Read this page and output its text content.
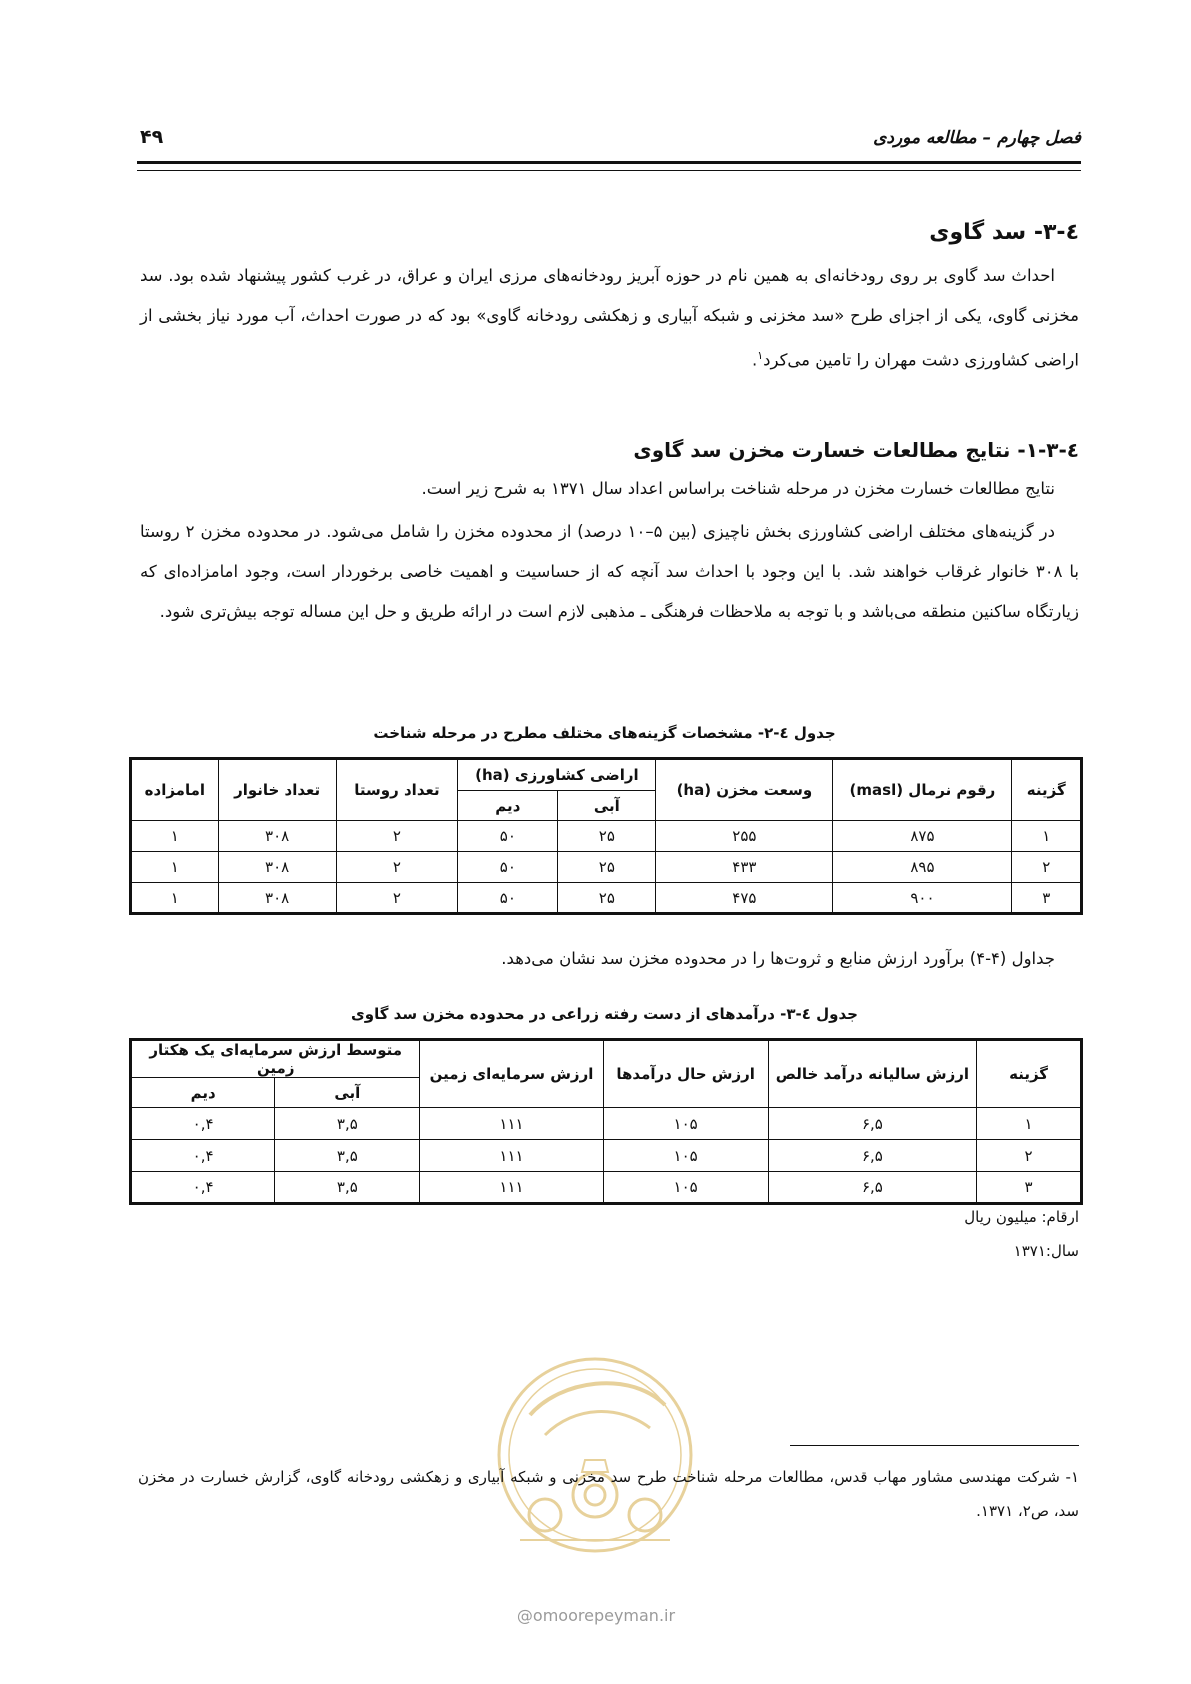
فصل چهارم – مطالعه موردی
۴۹
٤-٣- سد گاوی
احداث سد گاوی بر روی رودخانه‌ای به همین نام در حوزه آبریز رودخانه‌های مرزی ایران و عراق، در غرب کشور پیشنهاد شده بود. سد مخزنی گاوی، یکی از اجزای طرح «سد مخزنی و شبکه آبیاری و زهکشی رودخانه گاوی» بود که در صورت احداث، آب مورد نیاز بخشی از اراضی کشاورزی دشت مهران را تامین می‌کرد$^۱$.
٤-٣-١- نتایج مطالعات خسارت مخزن سد گاوی
نتایج مطالعات خسارت مخزن در مرحله شناخت براساس اعداد سال ۱۳۷۱ به شرح زیر است.
در گزینه‌های مختلف اراضی کشاورزی بخش ناچیزی (بین ۵–۱۰ درصد) از محدوده مخزن را شامل می‌شود. در محدوده مخزن ۲ روستا با ۳۰۸ خانوار غرقاب خواهند شد. با این وجود با احداث سد آنچه که از حساسیت و اهمیت خاصی برخوردار است، وجود امامزاده‌ای که زیارتگاه ساکنین منطقه می‌باشد و با توجه به ملاحظات فرهنگی ـ مذهبی لازم است در ارائه طریق و حل این مساله توجه بیش‌تری شود.
جدول ٤-٢- مشخصات گزینه‌های مختلف مطرح در مرحله شناخت
گزینه	رقوم نرمال (masl)	وسعت مخزن (ha)	اراضی کشاورزی (ha)		تعداد روستا	تعداد خانوار	امامزاده
			آبی	دیم			
۱	۸۷۵	۲۵۵	۲۵	۵۰	۲	۳۰۸	۱
۲	۸۹۵	۴۳۳	۲۵	۵۰	۲	۳۰۸	۱
۳	۹۰۰	۴۷۵	۲۵	۵۰	۲	۳۰۸	۱
جداول (۴-۴) برآورد ارزش منابع و ثروت‌ها را در محدوده مخزن سد نشان می‌دهد.
جدول ٤-٣- درآمدهای از دست رفته زراعی در محدوده مخزن سد گاوی
گزینه	ارزش سالیانه درآمد خالص	ارزش حال درآمدها	ارزش سرمایه‌ای زمین	متوسط ارزش سرمایه‌ای یک هکتار زمین	
				آبی	دیم
۱	۶,۵	۱۰۵	۱۱۱	۳,۵	۰,۴
۲	۶,۵	۱۰۵	۱۱۱	۳,۵	۰,۴
۳	۶,۵	۱۰۵	۱۱۱	۳,۵	۰,۴
ارقام: میلیون ریال
سال:۱۳۷۱
@omoorepeyman.ir
۱- شرکت مهندسی مشاور مهاب قدس، مطالعات مرحله شناخت طرح سد مخزنی و شبکه آبیاری و زهکشی رودخانه گاوی، گزارش خسارت در مخزن سد، ص۲، ۱۳۷۱.
